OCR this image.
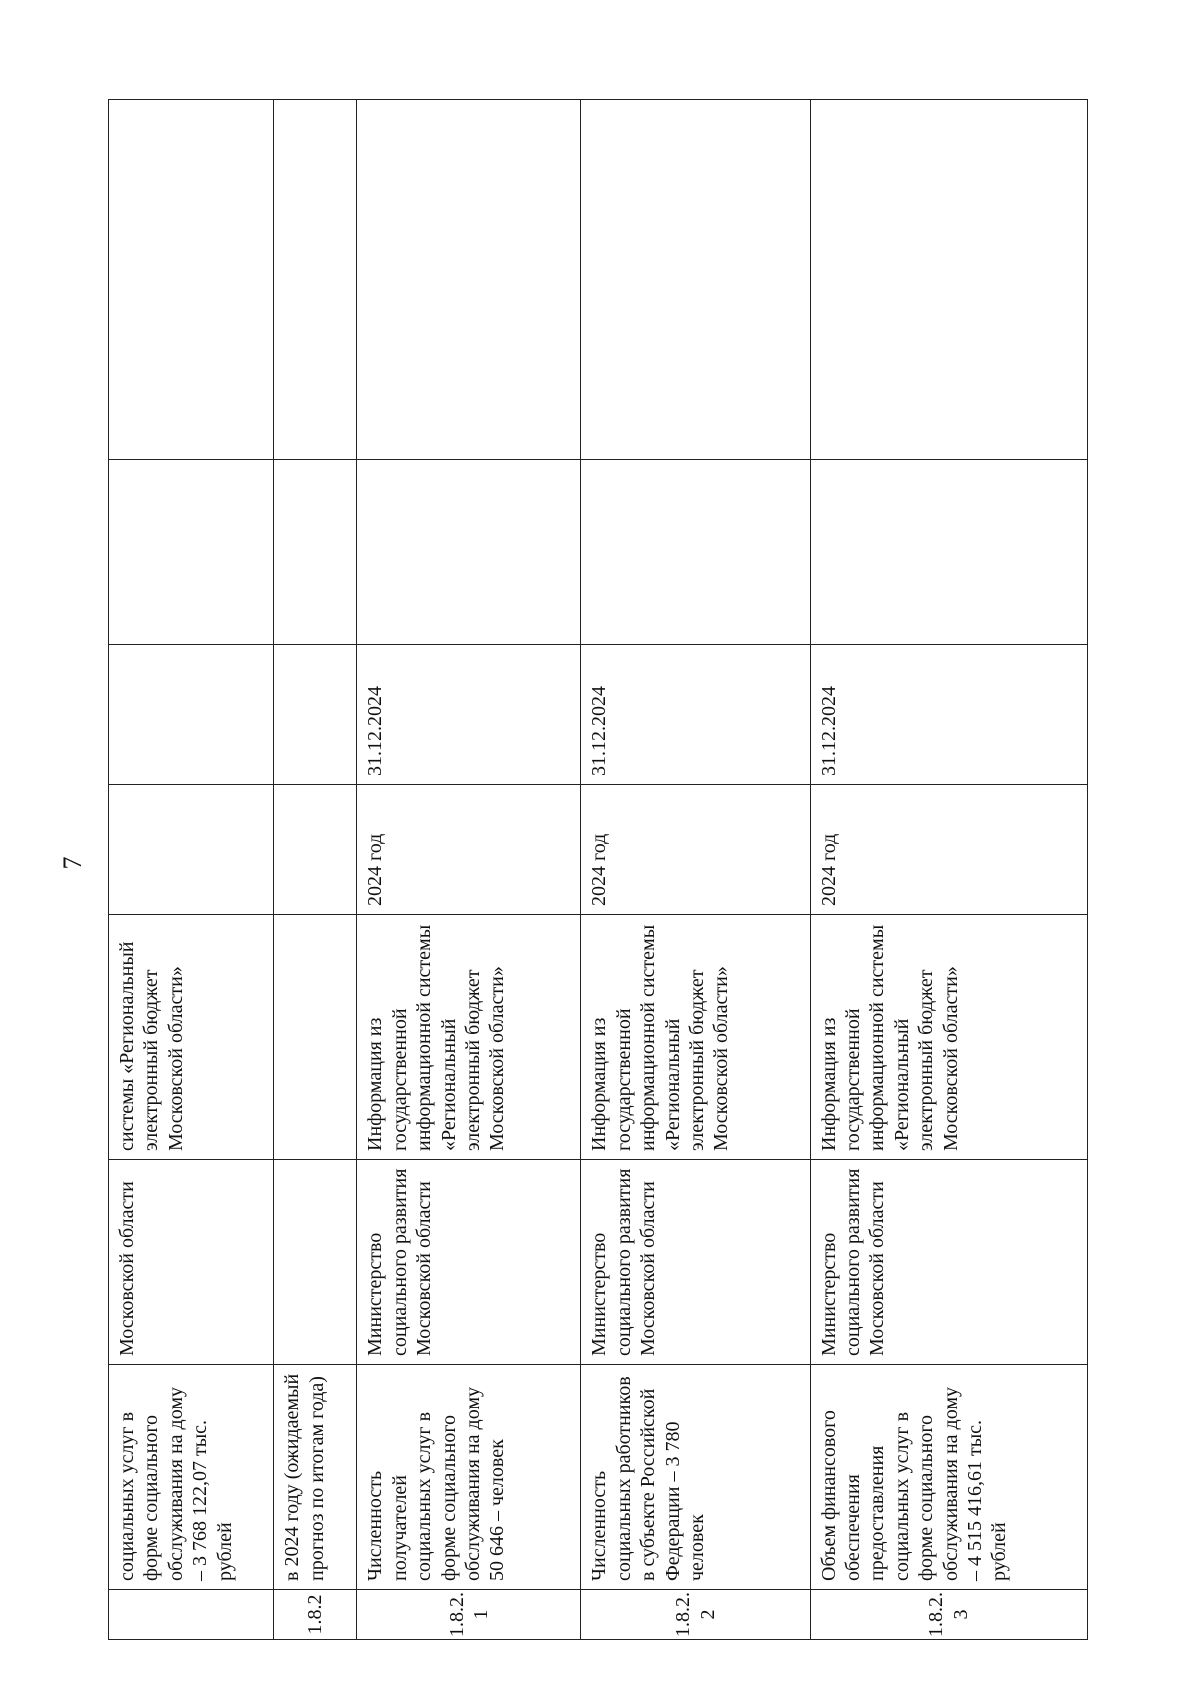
7
	социальных услуг в форме социального обслуживания на дому – 3 768 122,07 тыс. рублей	Московской области	системы «Региональный электронный бюджет Московской области»				
1.8.2	в 2024 году (ожидаемый прогноз по итогам года)						
1.8.2.1	Численность получателей социальных услуг в форме социального обслуживания на дому 50 646 – человек	Министерство социального развития Московской области	Информация из государственной информационной системы «Региональный электронный бюджет Московской области»	2024 год	31.12.2024		
1.8.2.2	Численность социальных работников в субъекте Российской Федерации – 3 780 человек	Министерство социального развития Московской области	Информация из государственной информационной системы «Региональный электронный бюджет Московской области»	2024 год	31.12.2024		
1.8.2.3	Объем финансового обеспечения предоставления социальных услуг в форме социального обслуживания на дому – 4 515 416,61 тыс. рублей	Министерство социального развития Московской области	Информация из государственной информационной системы «Региональный электронный бюджет Московской области»	2024 год	31.12.2024		
